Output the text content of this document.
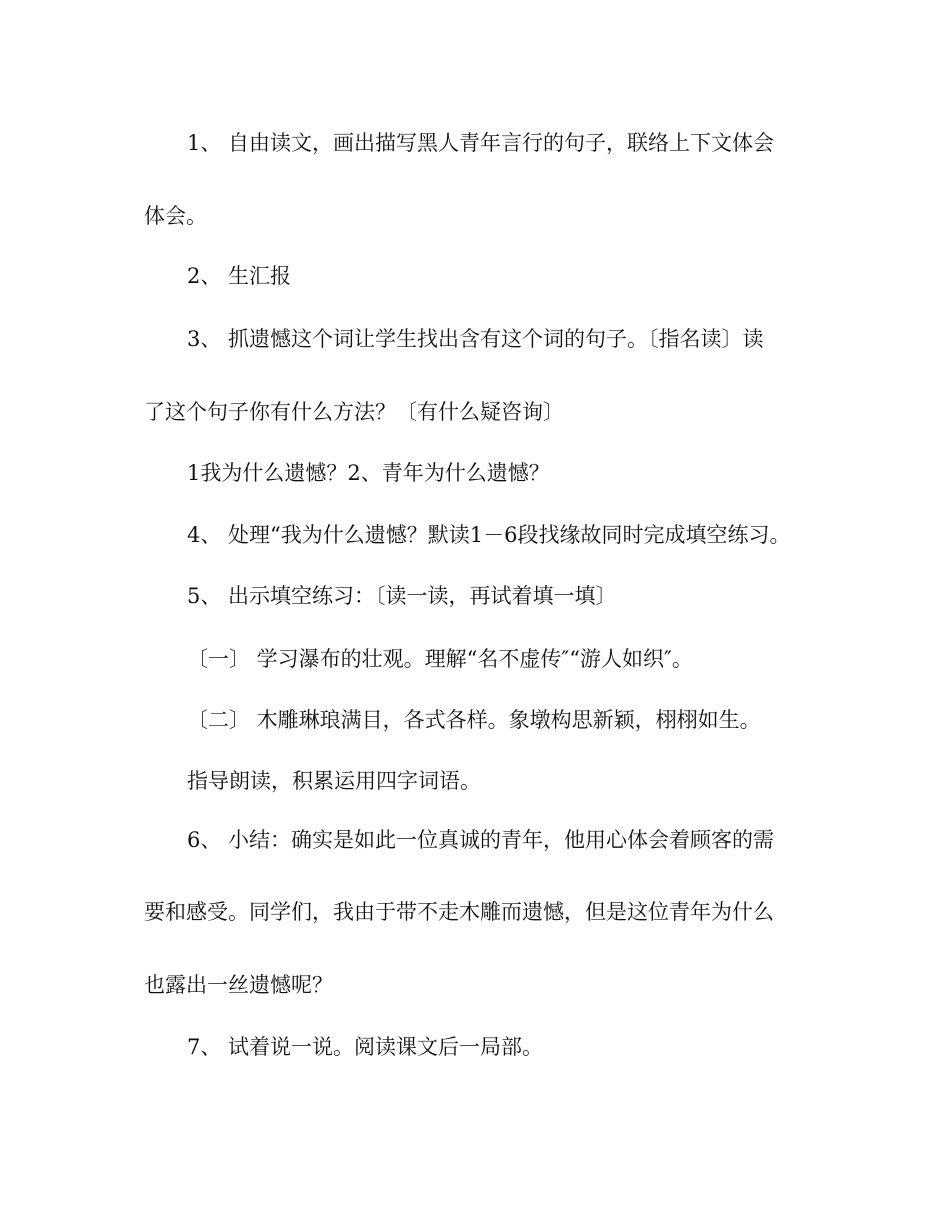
1、 自由读文，画出描写黑人青年言行的句子，联络上下文体会
体会。
2、 生汇报
3、 抓遗憾这个词让学生找出含有这个词的句子。〔指名读〕读
了这个句子你有什么方法？〔有什么疑咨询〕
1我为什么遗憾？2、青年为什么遗憾？
4、 处理“我为什么遗憾？默读1－6段找缘故同时完成填空练习。
5、 出示填空练习：〔读一读，再试着填一填〕
〔一〕 学习瀑布的壮观。理解“名不虚传″“游人如织″。
〔二〕 木雕琳琅满目，各式各样。象墩构思新颖，栩栩如生。
指导朗读，积累运用四字词语。
6、 小结：确实是如此一位真诚的青年，他用心体会着顾客的需
要和感受。同学们，我由于带不走木雕而遗憾，但是这位青年为什么
也露出一丝遗憾呢？
7、 试着说一说。阅读课文后一局部。
